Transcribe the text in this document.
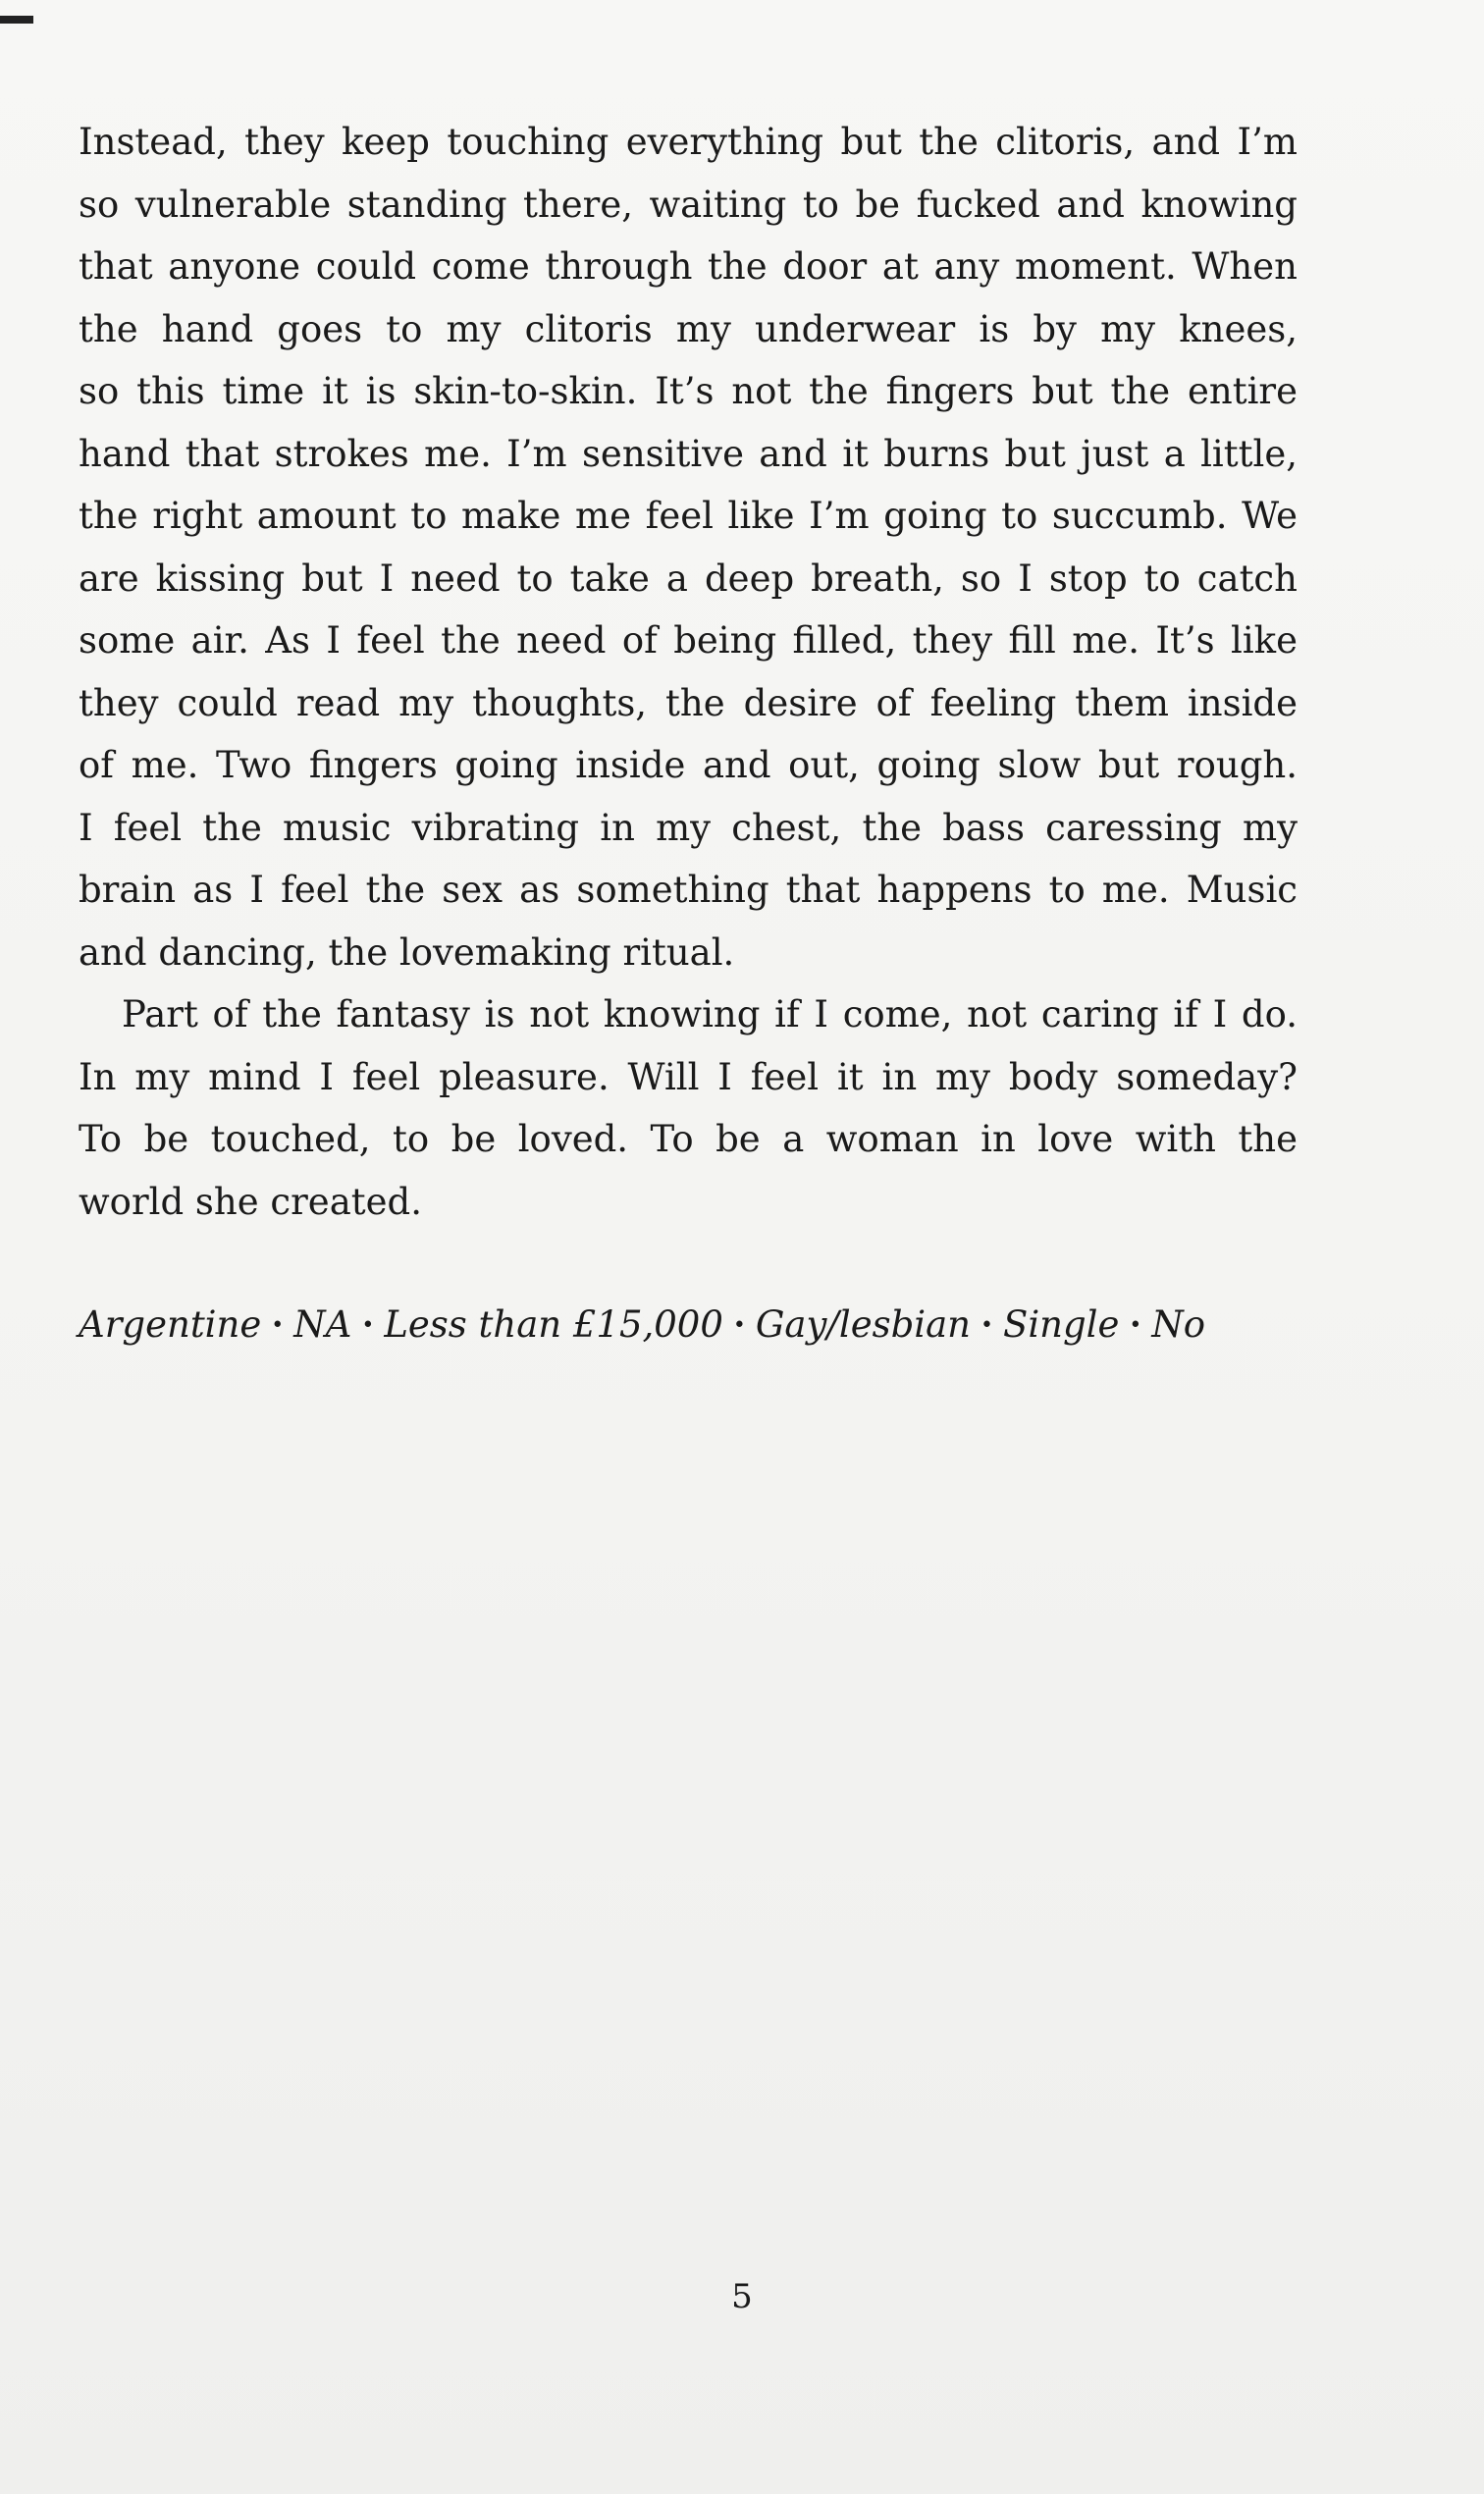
Instead, they keep touching everything but the clitoris, and I’m
so vulnerable standing there, waiting to be fucked and knowing
that anyone could come through the door at any moment. When
the hand goes to my clitoris my underwear is by my knees,
so this time it is skin-to-skin. It’s not the fingers but the entire
hand that strokes me. I’m sensitive and it burns but just a little,
the right amount to make me feel like I’m going to succumb. We
are kissing but I need to take a deep breath, so I stop to catch
some air. As I feel the need of being filled, they fill me. It’s like
they could read my thoughts, the desire of feeling them inside
of me. Two fingers going inside and out, going slow but rough.
I feel the music vibrating in my chest, the bass caressing my
brain as I feel the sex as something that happens to me. Music
and dancing, the lovemaking ritual.
Part of the fantasy is not knowing if I come, not caring if I do.
In my mind I feel pleasure. Will I feel it in my body someday?
To be touched, to be loved. To be a woman in love with the
world she created.
Argentine • NA • Less than £15,000 • Gay/lesbian • Single • No
5
